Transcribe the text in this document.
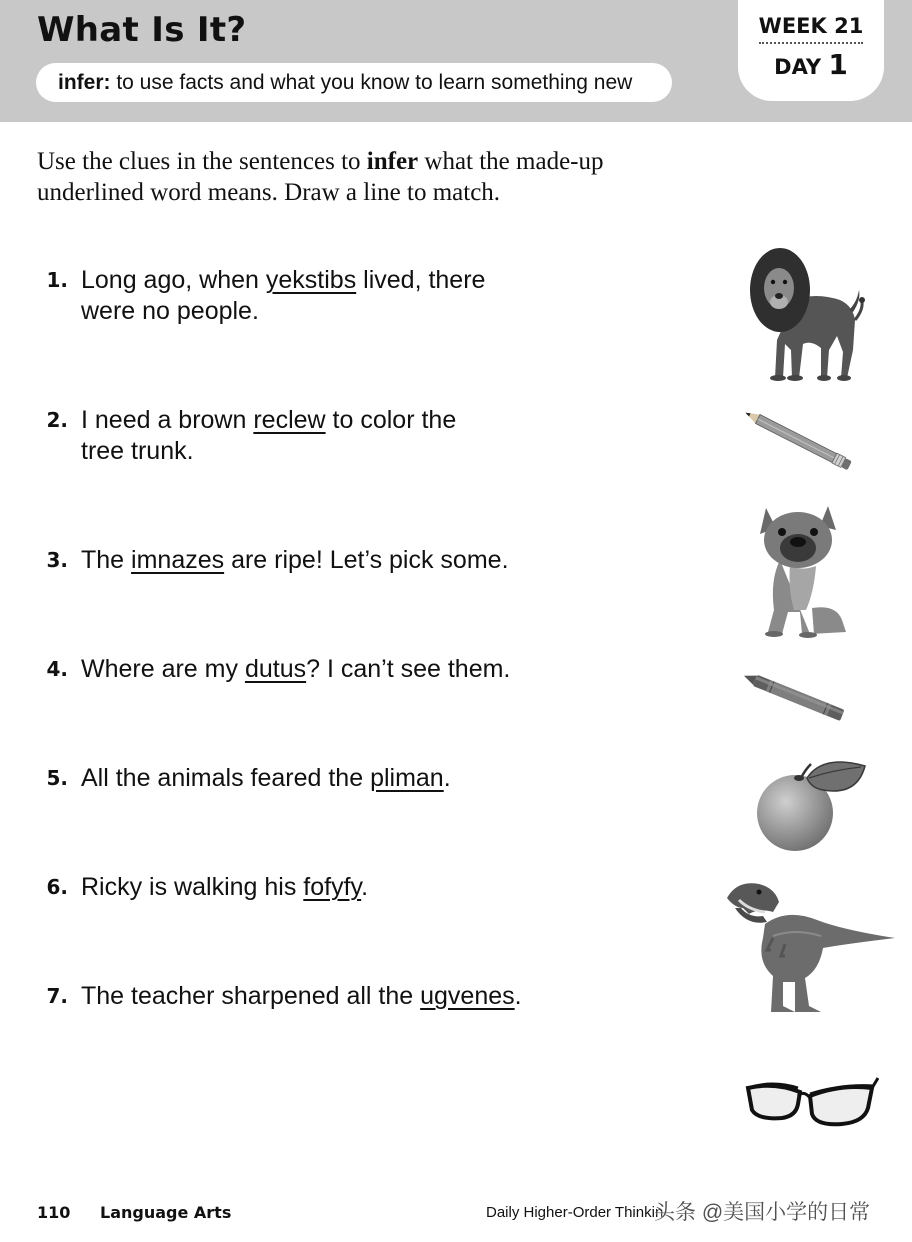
What Is It?
infer: to use facts and what you know to learn something new
WEEK 21
DAY 1

Use the clues in the sentences to infer what the made-up underlined word means. Draw a line to match.

1. Long ago, when yekstibs lived, there were no people.
2. I need a brown reclew to color the tree trunk.
3. The imnazes are ripe! Let’s pick some.
4. Where are my dutus? I can’t see them.
5. All the animals feared the pliman.
6. Ricky is walking his fofyfy.
7. The teacher sharpened all the ugvenes.
110 Language Arts	Daily Higher-Order Thinkin
头条 @美国小学的日常
